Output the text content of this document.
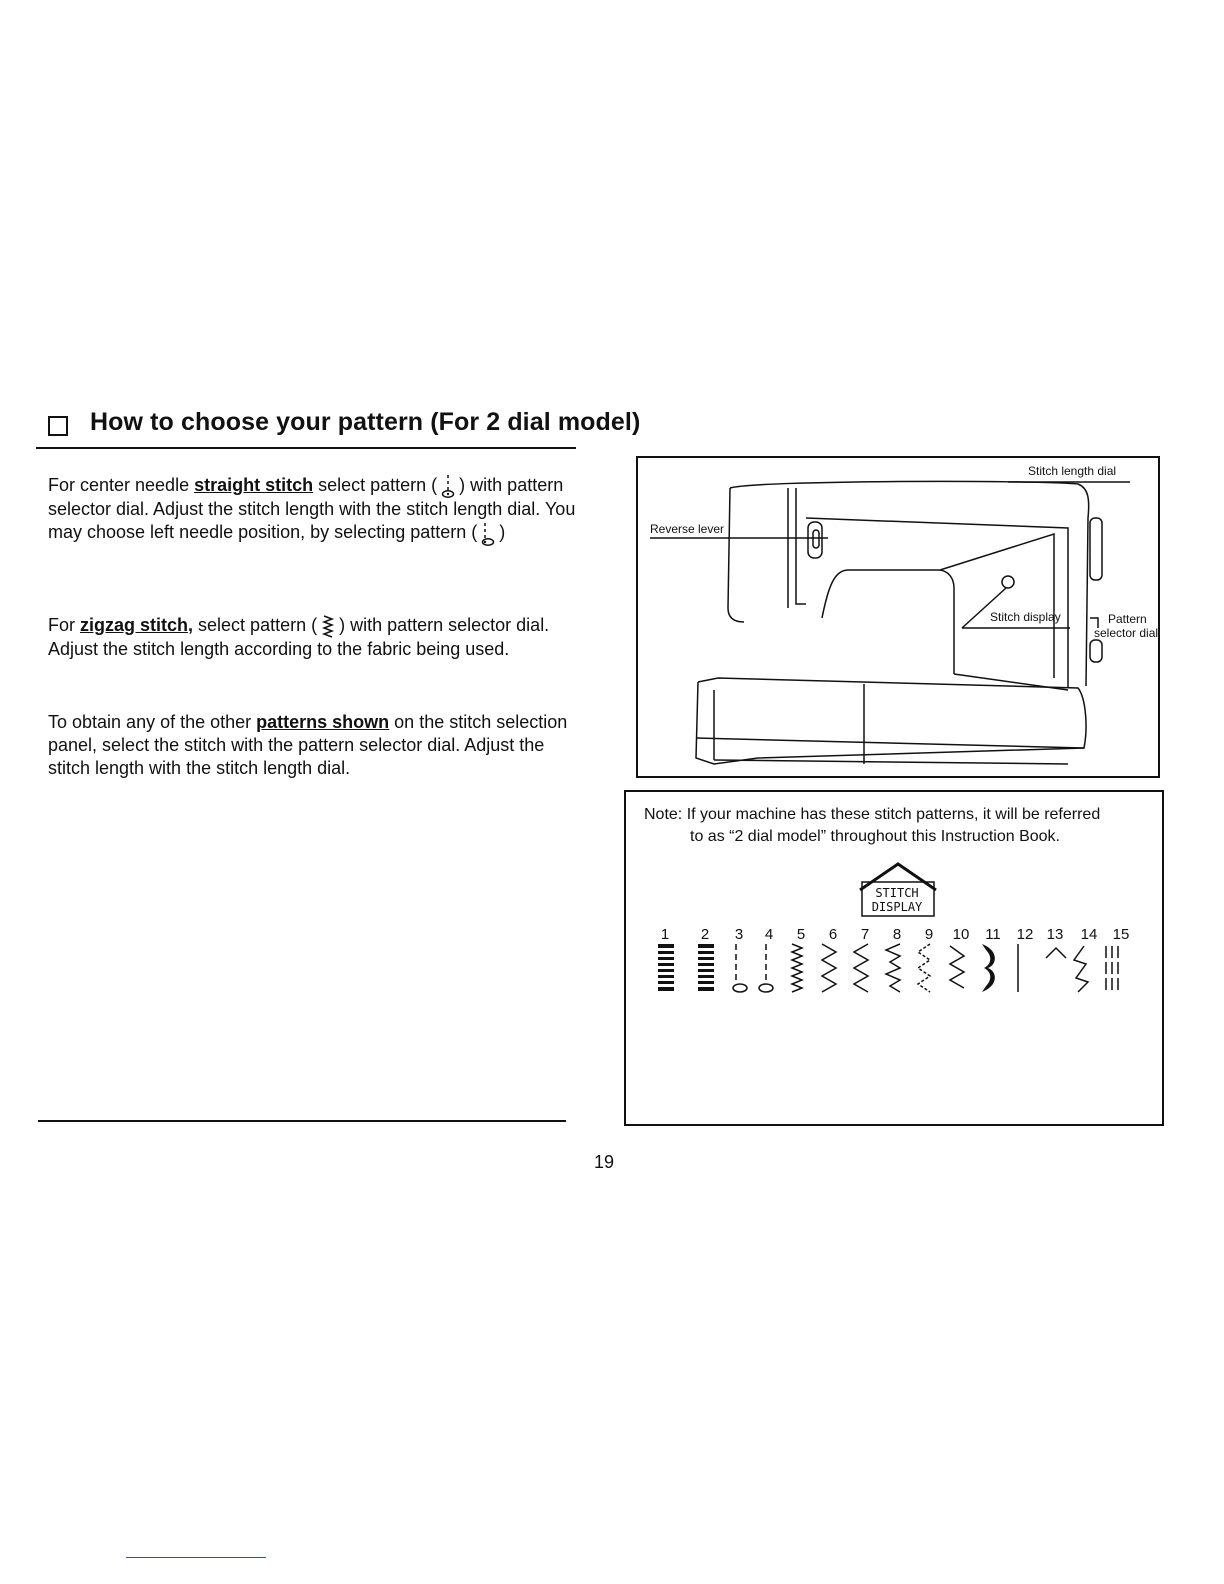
How to choose your pattern (For 2 dial model)
For center needle straight stitch select pattern ( ) with pattern selector dial. Adjust the stitch length with the stitch length dial. You may choose left needle position, by selecting pattern ( )
For zigzag stitch, select pattern ( ) with pattern selector dial. Adjust the stitch length according to the fabric being used.
To obtain any of the other patterns shown on the stitch selection panel, select the stitch with the pattern selector dial. Adjust the stitch length with the stitch length dial.
Stitch length dial
Reverse lever
Stitch display	Pattern
selector dial
Note: If your machine has these stitch patterns, it will be referred
to as “2 dial model” throughout this Instruction Book.
STITCH
DISPLAY
1	2	3	4	5	6	7	8	9	10	11	12 13	14	15
19
